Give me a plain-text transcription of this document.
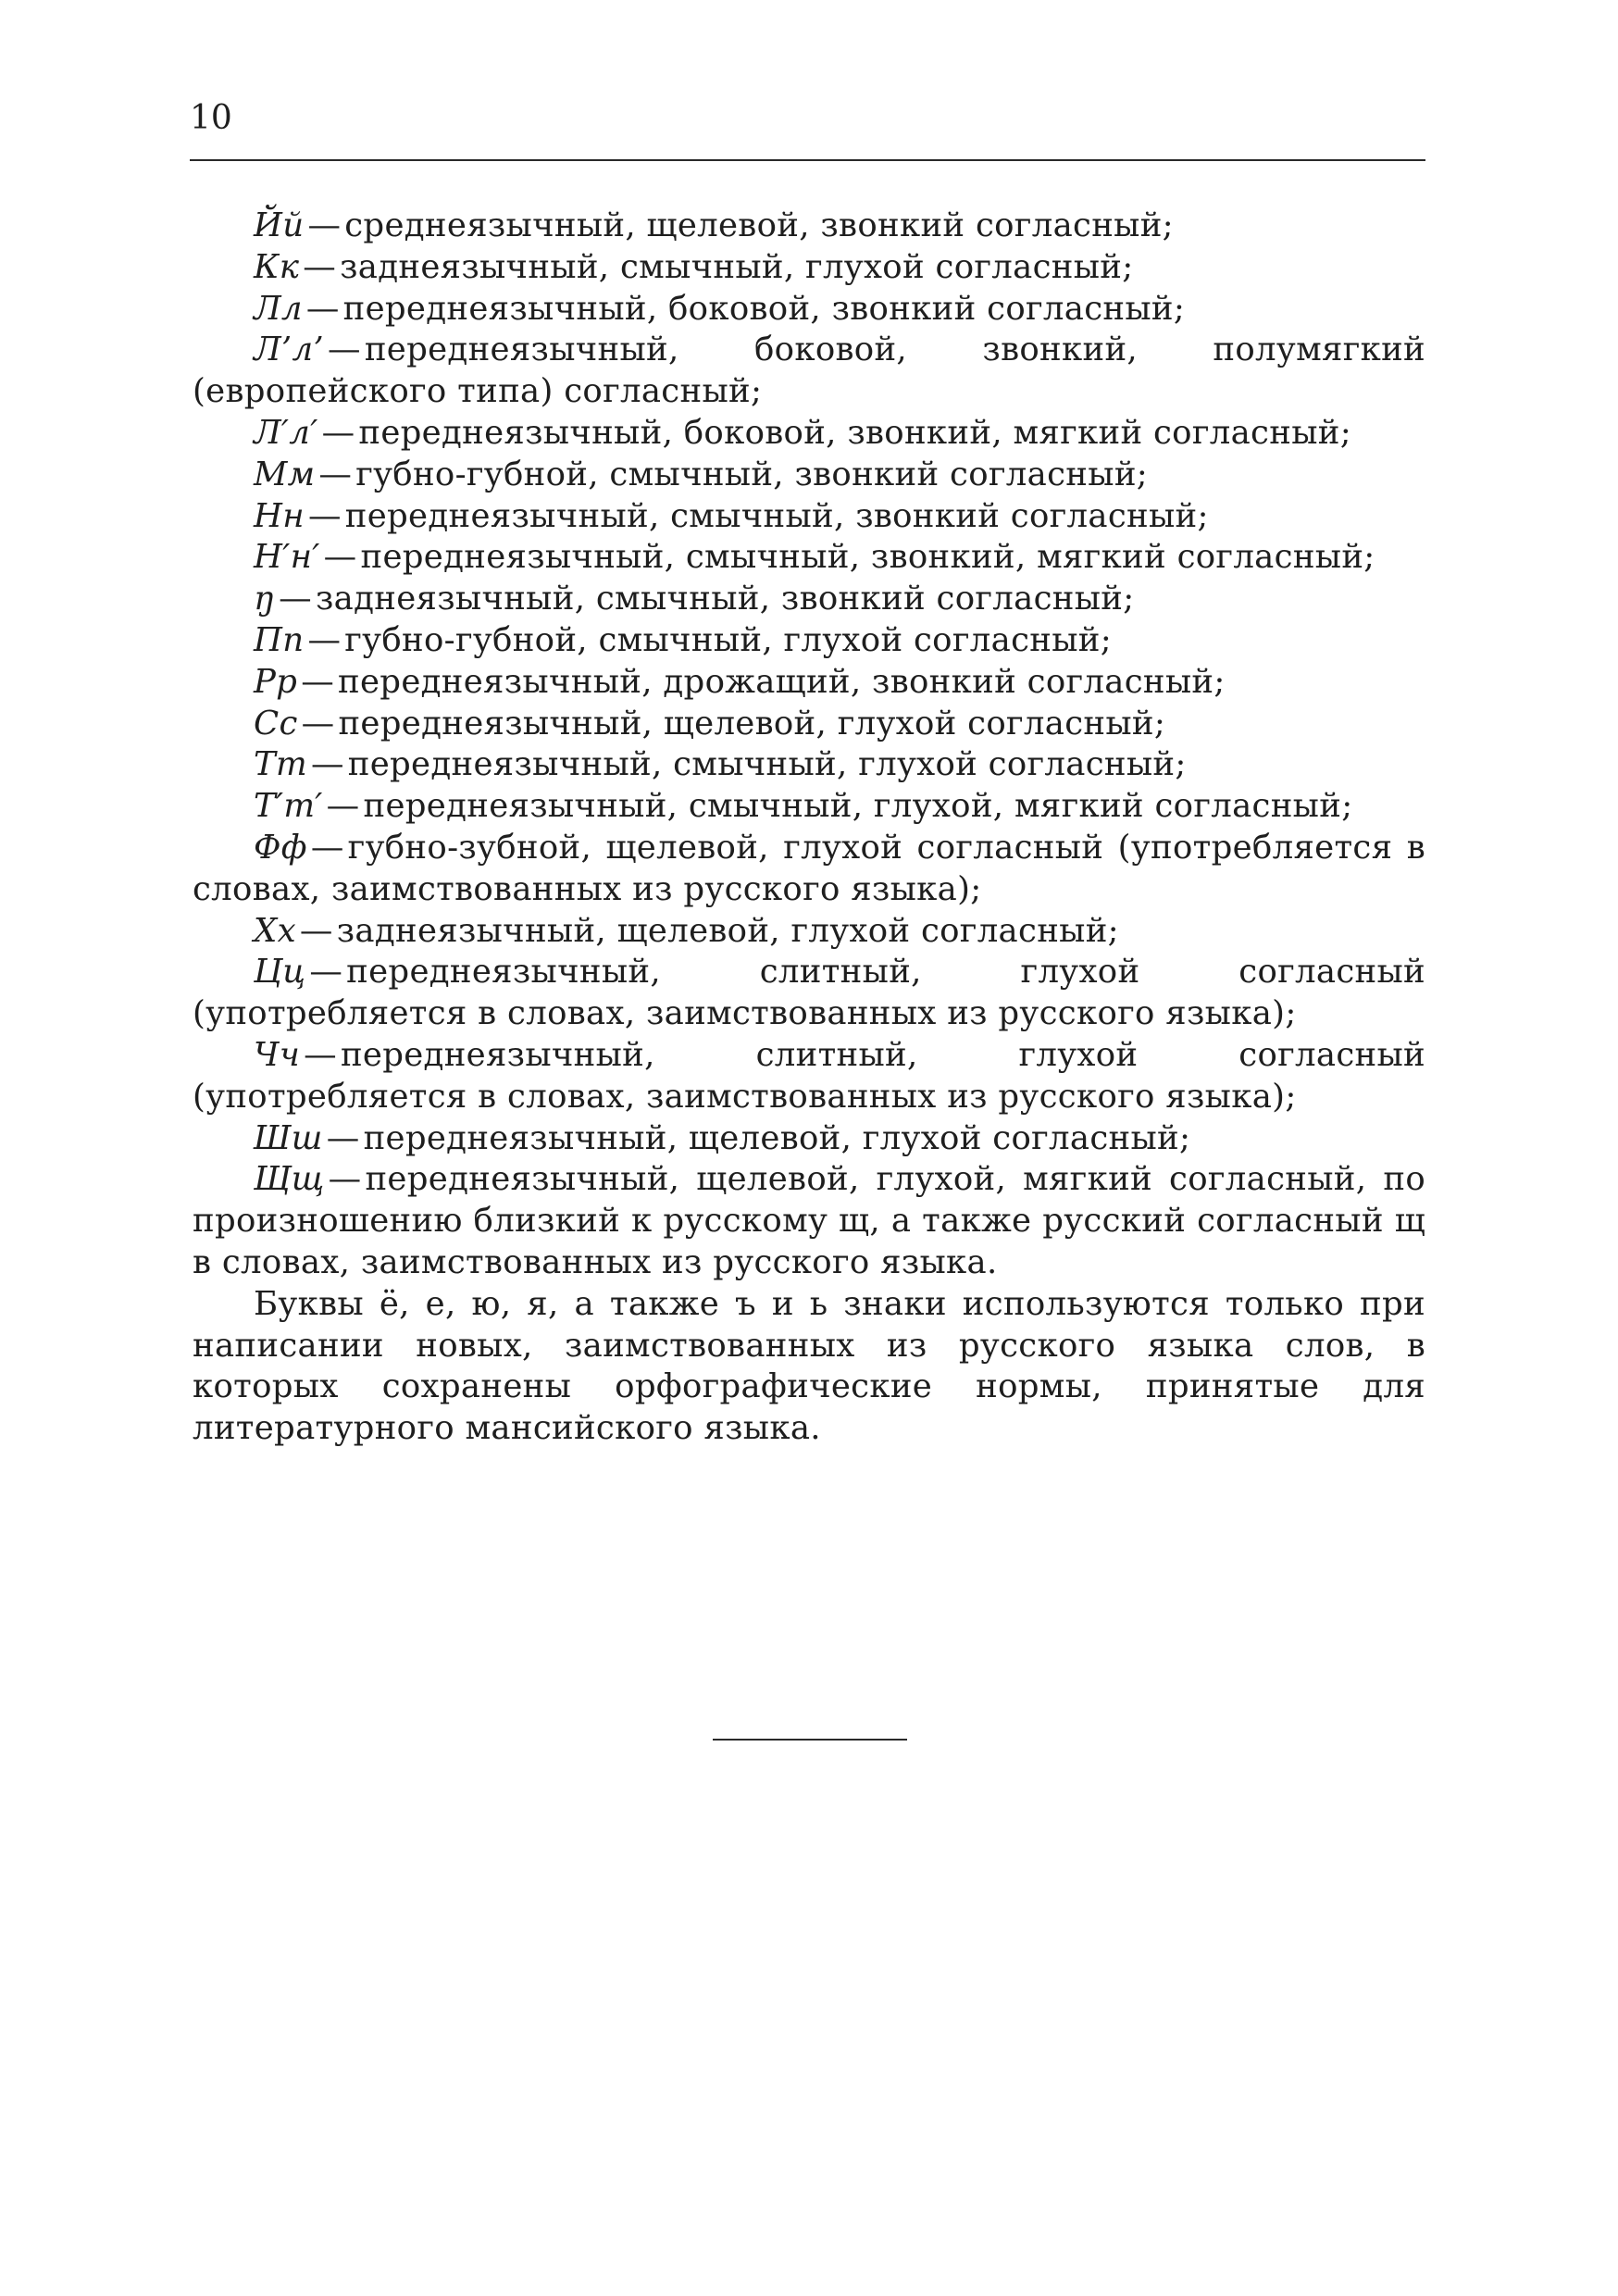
10

Йй — среднеязычный, щелевой, звонкий согласный;

Кк — заднеязычный, смычный, глухой согласный;

Лл — переднеязычный, боковой, звонкий согласный;

Л’л’ — переднеязычный, боковой, звонкий, полумягкий (европейского типа) согласный;

Л′л′ — переднеязычный, боковой, звонкий, мягкий согласный;

Мм — губно-губной, смычный, звонкий согласный;

Нн — переднеязычный, смычный, звонкий согласный;

Н′н′ — переднеязычный, смычный, звонкий, мягкий согласный;

ŋ — заднеязычный, смычный, звонкий согласный;

Пп — губно-губной, смычный, глухой согласный;

Рр — переднеязычный, дрожащий, звонкий согласный;

Сс — переднеязычный, щелевой, глухой согласный;

Тт — переднеязычный, смычный, глухой согласный;

Т′т′ — переднеязычный, смычный, глухой, мягкий согласный;

Фф — губно-зубной, щелевой, глухой согласный (употребляется в словах, заимствованных из русского языка);

Хх — заднеязычный, щелевой, глухой согласный;

Цц — переднеязычный, слитный, глухой согласный (употребляется в словах, заимствованных из русского языка);

Чч — переднеязычный, слитный, глухой согласный (употребляется в словах, заимствованных из русского языка);

Шш — переднеязычный, щелевой, глухой согласный;

Щщ — переднеязычный, щелевой, глухой, мягкий согласный, по произношению близкий к русскому щ, а также русский согласный щ в словах, заимствованных из русского языка.

Буквы ё, е, ю, я, а также ъ и ь знаки используются только при написании новых, заимствованных из русского языка слов, в которых сохранены орфографические нормы, принятые для литературного мансийского языка.
